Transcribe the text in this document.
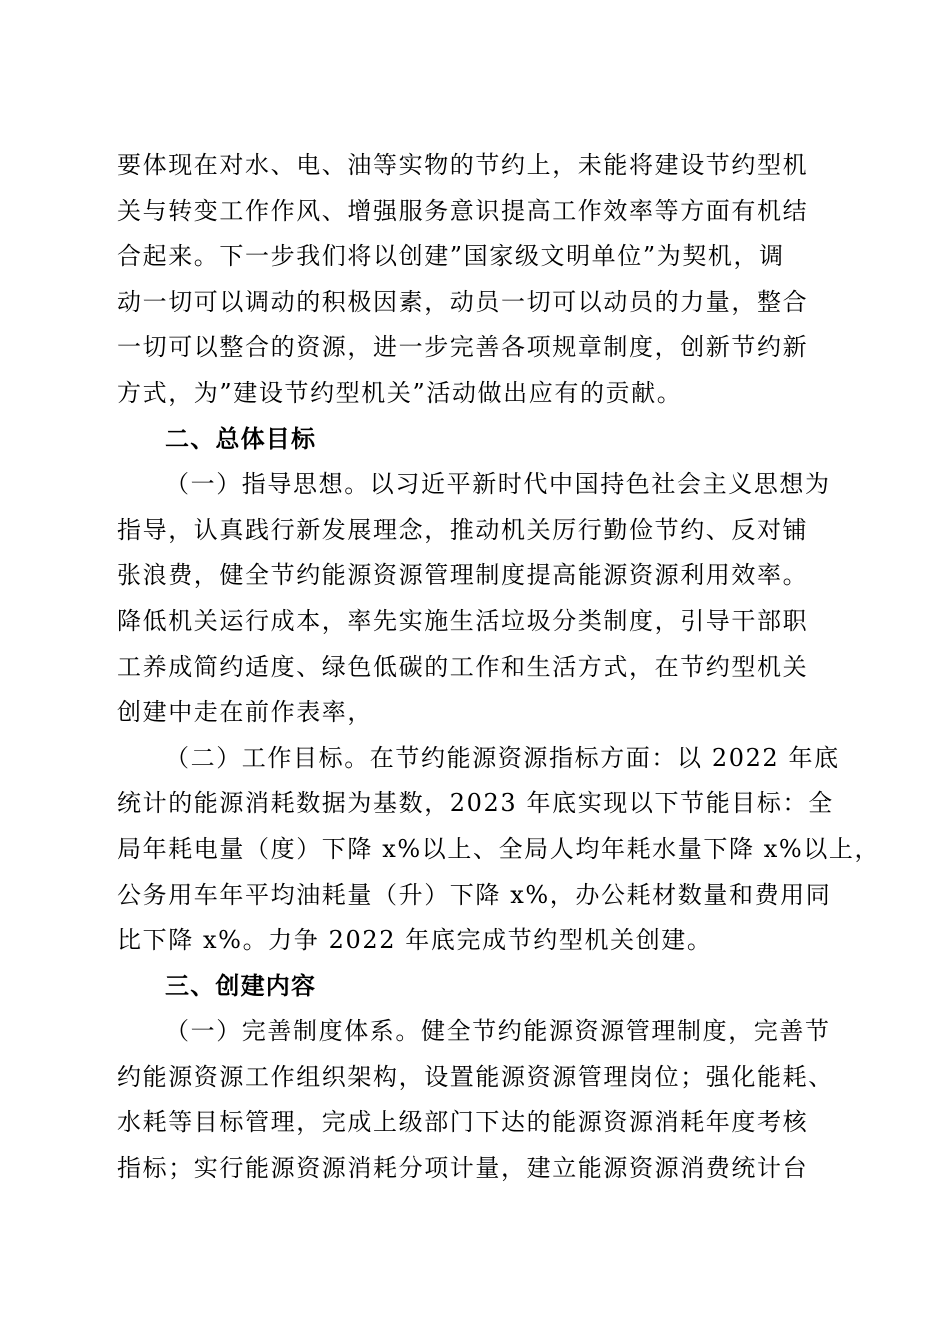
要体现在对水、电、油等实物的节约上，未能将建设节约型机
关与转变工作作风、增强服务意识提高工作效率等方面有机结
合起来。下一步我们将以创建”国家级文明单位”为契机，调
动一切可以调动的积极因素，动员一切可以动员的力量，整合
一切可以整合的资源，进一步完善各项规章制度，创新节约新
方式，为”建设节约型机关”活动做出应有的贡献。
二、总体目标
（一）指导思想。以习近平新时代中国持色社会主义思想为
指导，认真践行新发展理念，推动机关厉行勤俭节约、反对铺
张浪费，健全节约能源资源管理制度提高能源资源利用效率。
降低机关运行成本，率先实施生活垃圾分类制度，引导干部职
工养成简约适度、绿色低碳的工作和生活方式，在节约型机关
创建中走在前作表率，
（二）工作目标。在节约能源资源指标方面：以 2022 年底
统计的能源消耗数据为基数，2023 年底实现以下节能目标：全
局年耗电量（度）下降 x%以上、全局人均年耗水量下降 x%以上，
公务用车年平均油耗量（升）下降 x%，办公耗材数量和费用同
比下降 x%。力争 2022 年底完成节约型机关创建。
三、创建内容
（一）完善制度体系。健全节约能源资源管理制度，完善节
约能源资源工作组织架构，设置能源资源管理岗位；强化能耗、
水耗等目标管理，完成上级部门下达的能源资源消耗年度考核
指标；实行能源资源消耗分项计量，建立能源资源消费统计台
